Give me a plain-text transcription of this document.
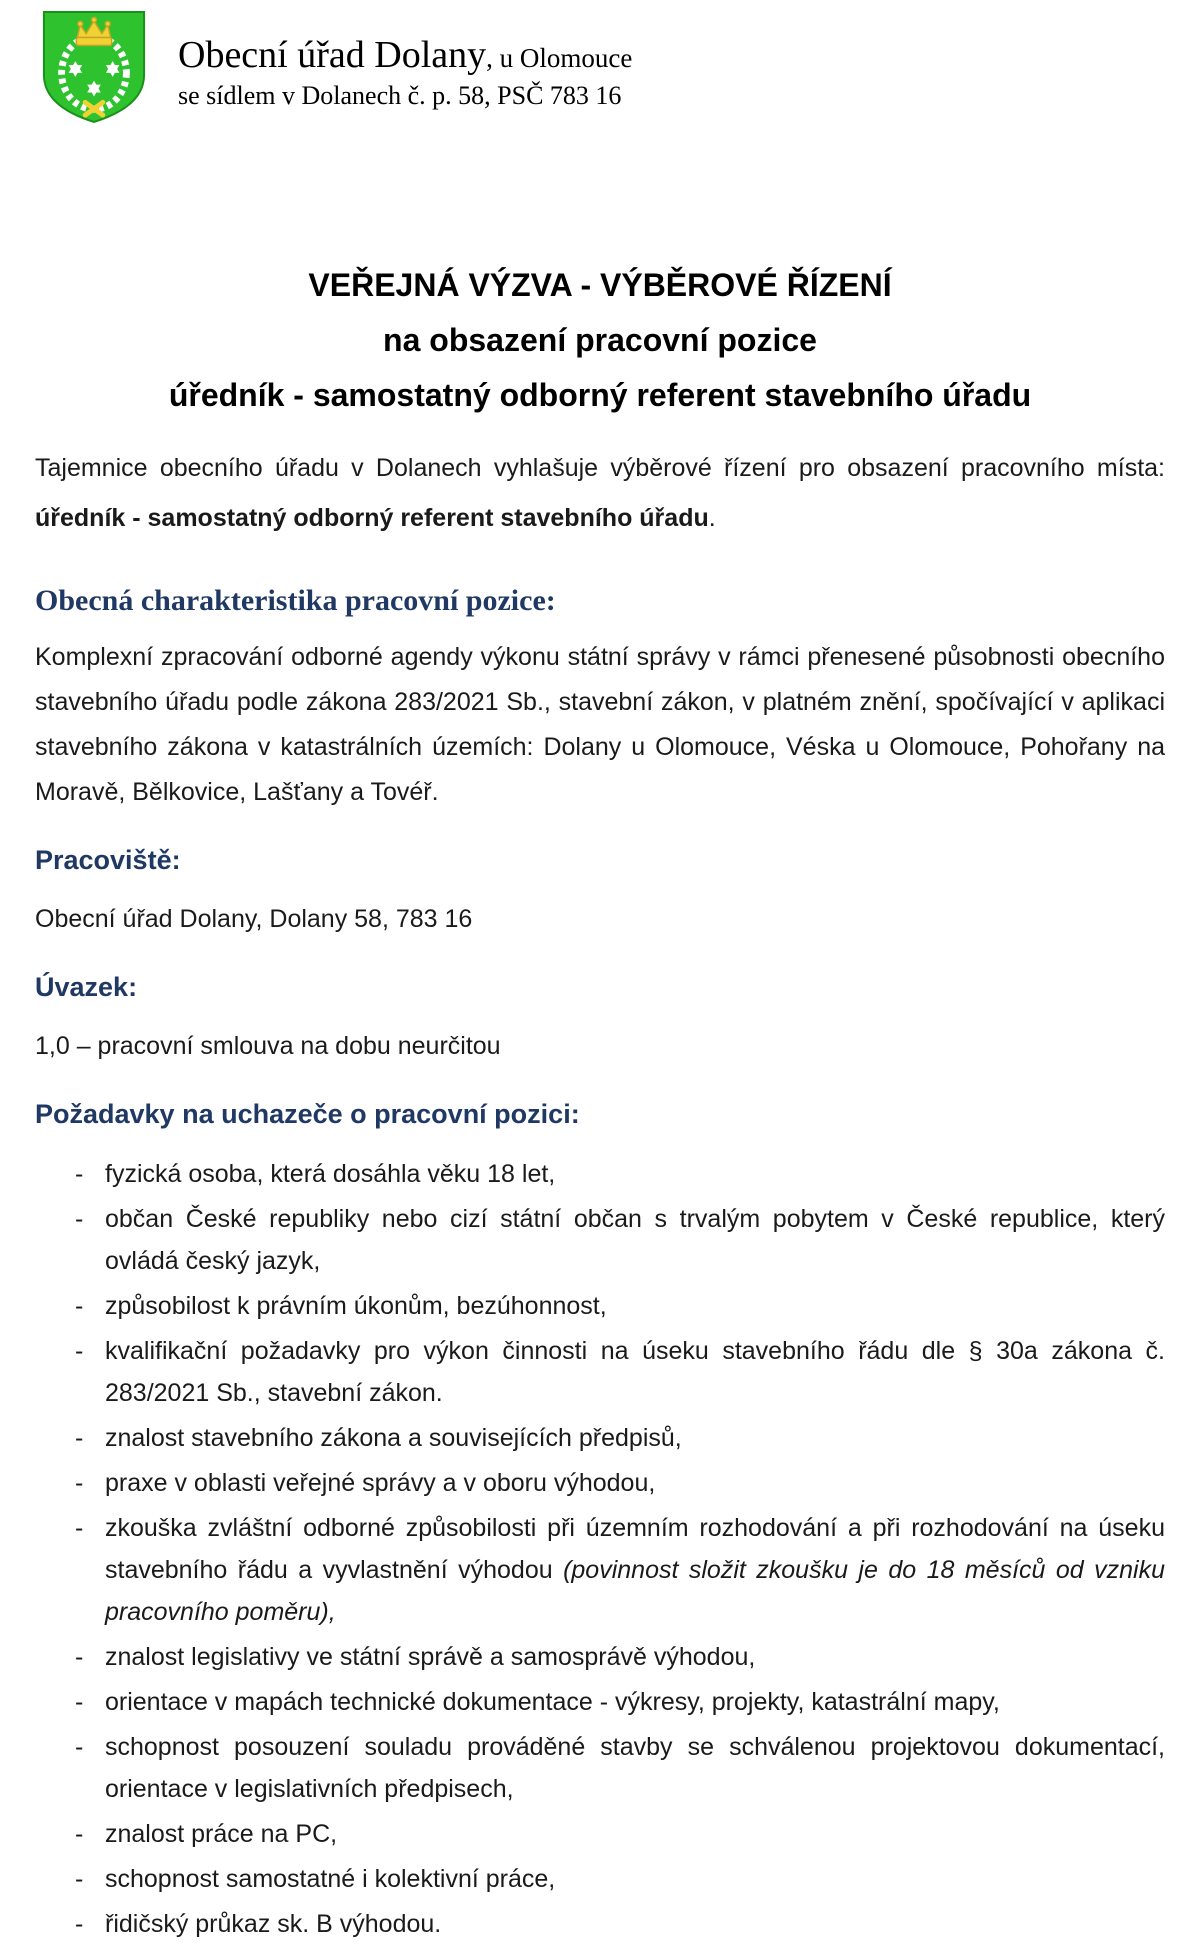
Obecní úřad Dolany, u Olomouce
se sídlem v Dolanech č. p. 58, PSČ 783 16
VEŘEJNÁ VÝZVA - VÝBĚROVÉ ŘÍZENÍ
na obsazení pracovní pozice
úředník - samostatný odborný referent stavebního úřadu

Tajemnice obecního úřadu v Dolanech vyhlašuje výběrové řízení pro obsazení pracovního místa: úředník - samostatný odborný referent stavebního úřadu.

Obecná charakteristika pracovní pozice:

Komplexní zpracování odborné agendy výkonu státní správy v rámci přenesené působnosti obecního stavebního úřadu podle zákona 283/2021 Sb., stavební zákon, v platném znění, spočívající v aplikaci stavebního zákona v katastrálních územích: Dolany u Olomouce, Véska u Olomouce, Pohořany na Moravě, Bělkovice, Lašťany a Tovéř.

Pracoviště:
Obecní úřad Dolany, Dolany 58, 783 16
Úvazek:
1,0 – pracovní smlouva na dobu neurčitou
Požadavky na uchazeče o pracovní pozici:
- fyzická osoba, která dosáhla věku 18 let,
- občan České republiky nebo cizí státní občan s trvalým pobytem v České republice, který ovládá český jazyk,
- způsobilost k právním úkonům, bezúhonnost,
- kvalifikační požadavky pro výkon činnosti na úseku stavebního řádu dle § 30a zákona č. 283/2021 Sb., stavební zákon.
- znalost stavebního zákona a souvisejících předpisů,
- praxe v oblasti veřejné správy a v oboru výhodou,
- zkouška zvláštní odborné způsobilosti při územním rozhodování a při rozhodování na úseku stavebního řádu a vyvlastnění výhodou (povinnost složit zkoušku je do 18 měsíců od vzniku pracovního poměru),
- znalost legislativy ve státní správě a samosprávě výhodou,
- orientace v mapách technické dokumentace - výkresy, projekty, katastrální mapy,
- schopnost posouzení souladu prováděné stavby se schválenou projektovou dokumentací, orientace v legislativních předpisech,
- znalost práce na PC,
- schopnost samostatné i kolektivní práce,
- řidičský průkaz sk. B výhodou.
